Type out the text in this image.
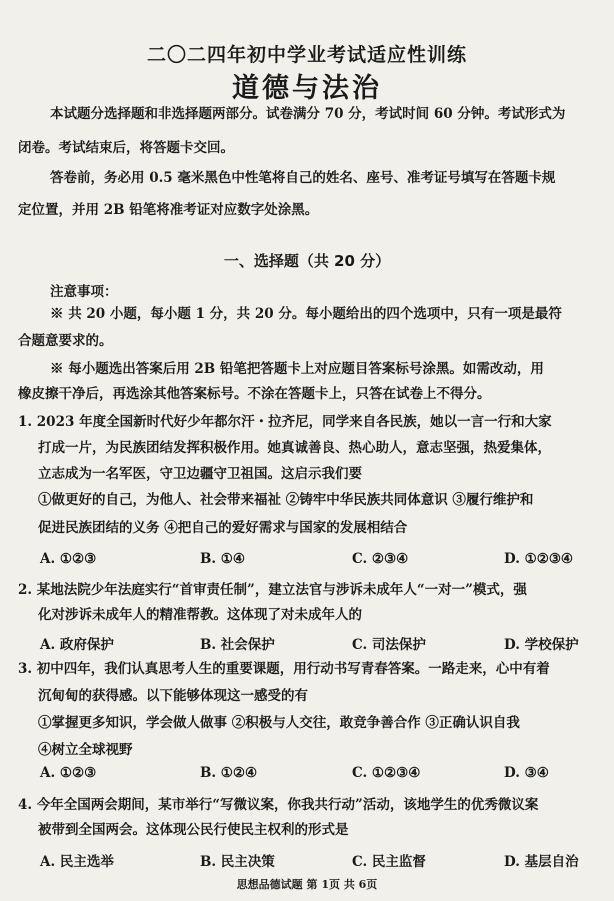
二〇二四年初中学业考试适应性训练
道德与法治
本试题分选择题和非选择题两部分。试卷满分 70 分，考试时间 60 分钟。考试形式为
闭卷。考试结束后，将答题卡交回。
答卷前，务必用 0.5 毫米黑色中性笔将自己的姓名、座号、准考证号填写在答题卡规
定位置，并用 2B 铅笔将准考证对应数字处涂黑。
一、选择题（共 20 分）
注意事项：
※ 共 20 小题，每小题 1 分，共 20 分。每小题给出的四个选项中，只有一项是最符
合题意要求的。
※ 每小题选出答案后用 2B 铅笔把答题卡上对应题目答案标号涂黑。如需改动，用
橡皮擦干净后，再选涂其他答案标号。不涂在答题卡上，只答在试卷上不得分。
1. 2023 年度全国新时代好少年都尔汗・拉齐尼，同学来自各民族，她以一言一行和大家
打成一片，为民族团结发挥积极作用。她真诚善良、热心助人，意志坚强，热爱集体，
立志成为一名军医，守卫边疆守卫祖国。这启示我们要
①做更好的自己，为他人、社会带来福祉 ②铸牢中华民族共同体意识 ③履行维护和
促进民族团结的义务 ④把自己的爱好需求与国家的发展相结合
A. ①②③	B. ①④	C. ②③④	D. ①②③④
2. 某地法院少年法庭实行“首审责任制”，建立法官与涉诉未成年人“一对一”模式，强
化对涉诉未成年人的精准帮教。这体现了对未成年人的
A. 政府保护	B. 社会保护	C. 司法保护	D. 学校保护
3. 初中四年，我们认真思考人生的重要课题，用行动书写青春答案。一路走来，心中有着
沉甸甸的获得感。以下能够体现这一感受的有
①掌握更多知识，学会做人做事 ②积极与人交往，敢竞争善合作 ③正确认识自我
④树立全球视野
A. ①②③	B. ①②④	C. ①②③④	D. ③④
4. 今年全国两会期间，某市举行“写微议案，你我共行动”活动，该地学生的优秀微议案
被带到全国两会。这体现公民行使民主权利的形式是
A. 民主选举	B. 民主决策	C. 民主监督	D. 基层自治
思想品德试题 第 1页 共 6页
